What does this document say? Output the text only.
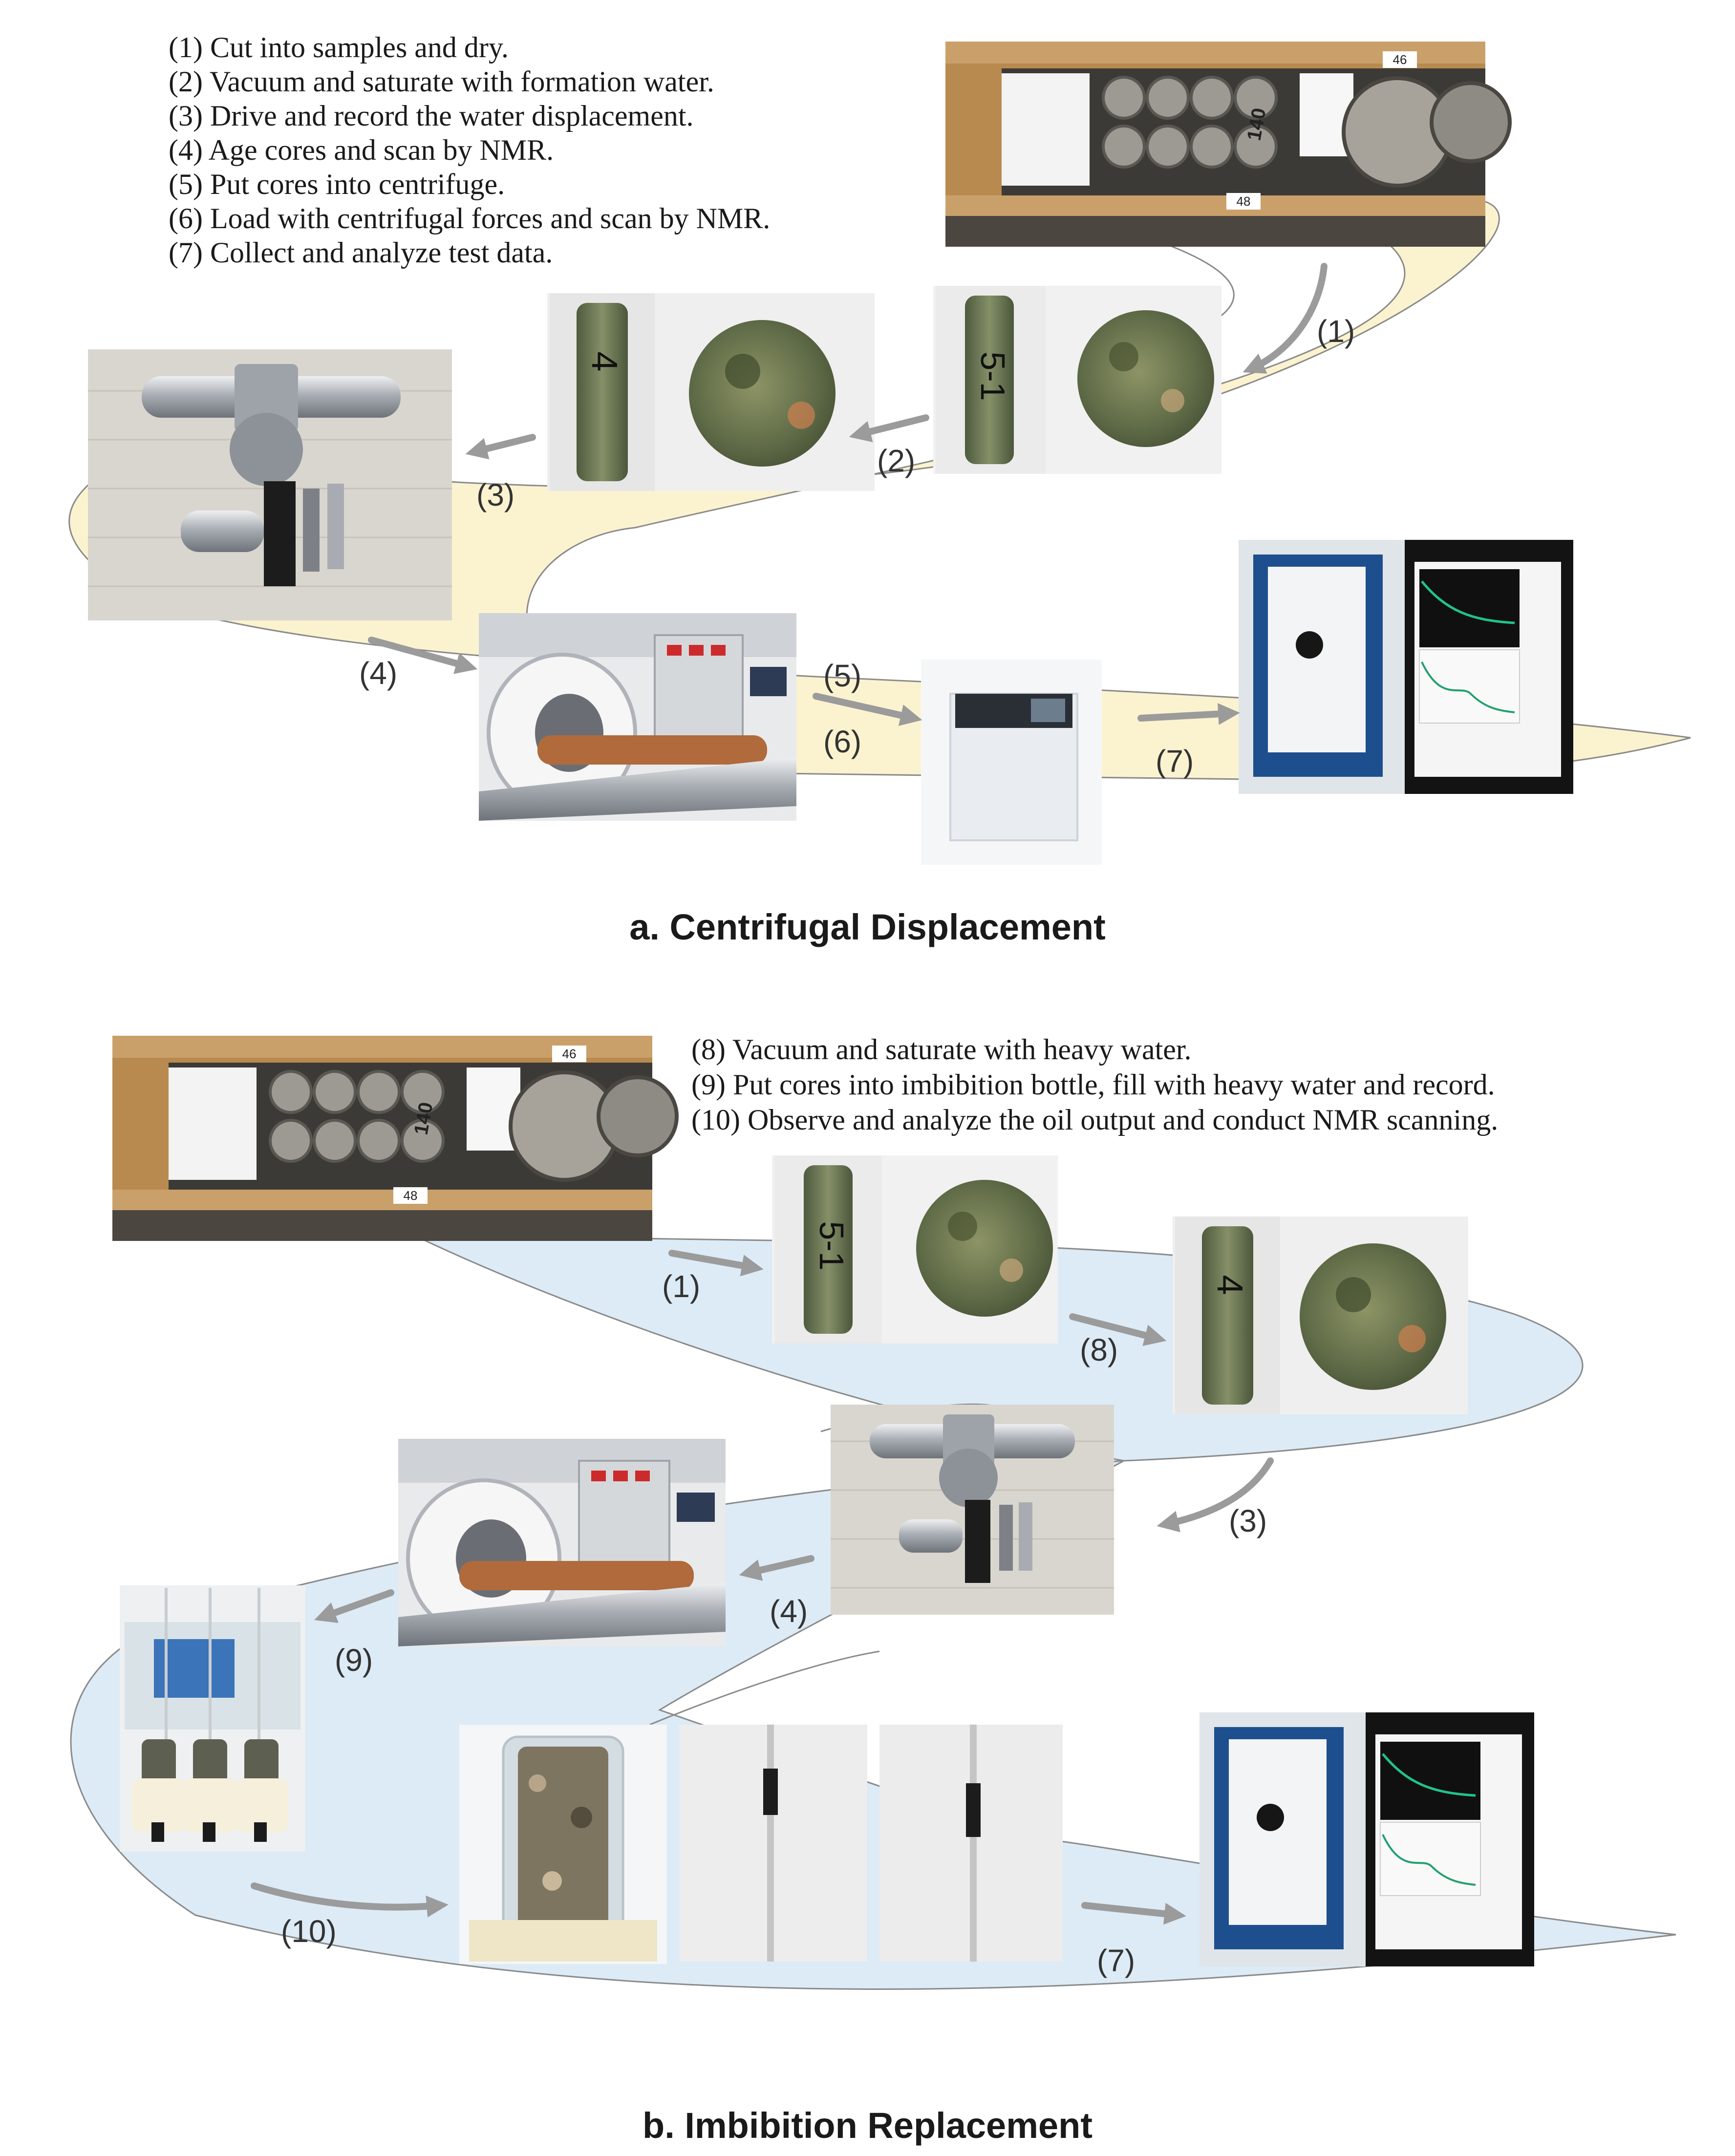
46
48
140
5-1
4
(1)
(2)
(3)
(4)	(5)
(6)
(7)
46
48
140
5-1
4
(1)
(8)
(3)
(4)
(9)
(10)
(7)
(1) Cut into samples and dry.
(2) Vacuum and saturate with formation water.
(3) Drive and record the water displacement.
(4) Age cores and scan by NMR.
(5) Put cores into centrifuge.
(6) Load with centrifugal forces and scan by NMR.
(7) Collect and analyze test data.
(8) Vacuum and saturate with heavy water.
(9) Put cores into imbibition bottle, fill with heavy water and record.
(10) Observe and analyze the oil output and conduct NMR scanning.
a. Centrifugal Displacement
b. Imbibition Replacement
